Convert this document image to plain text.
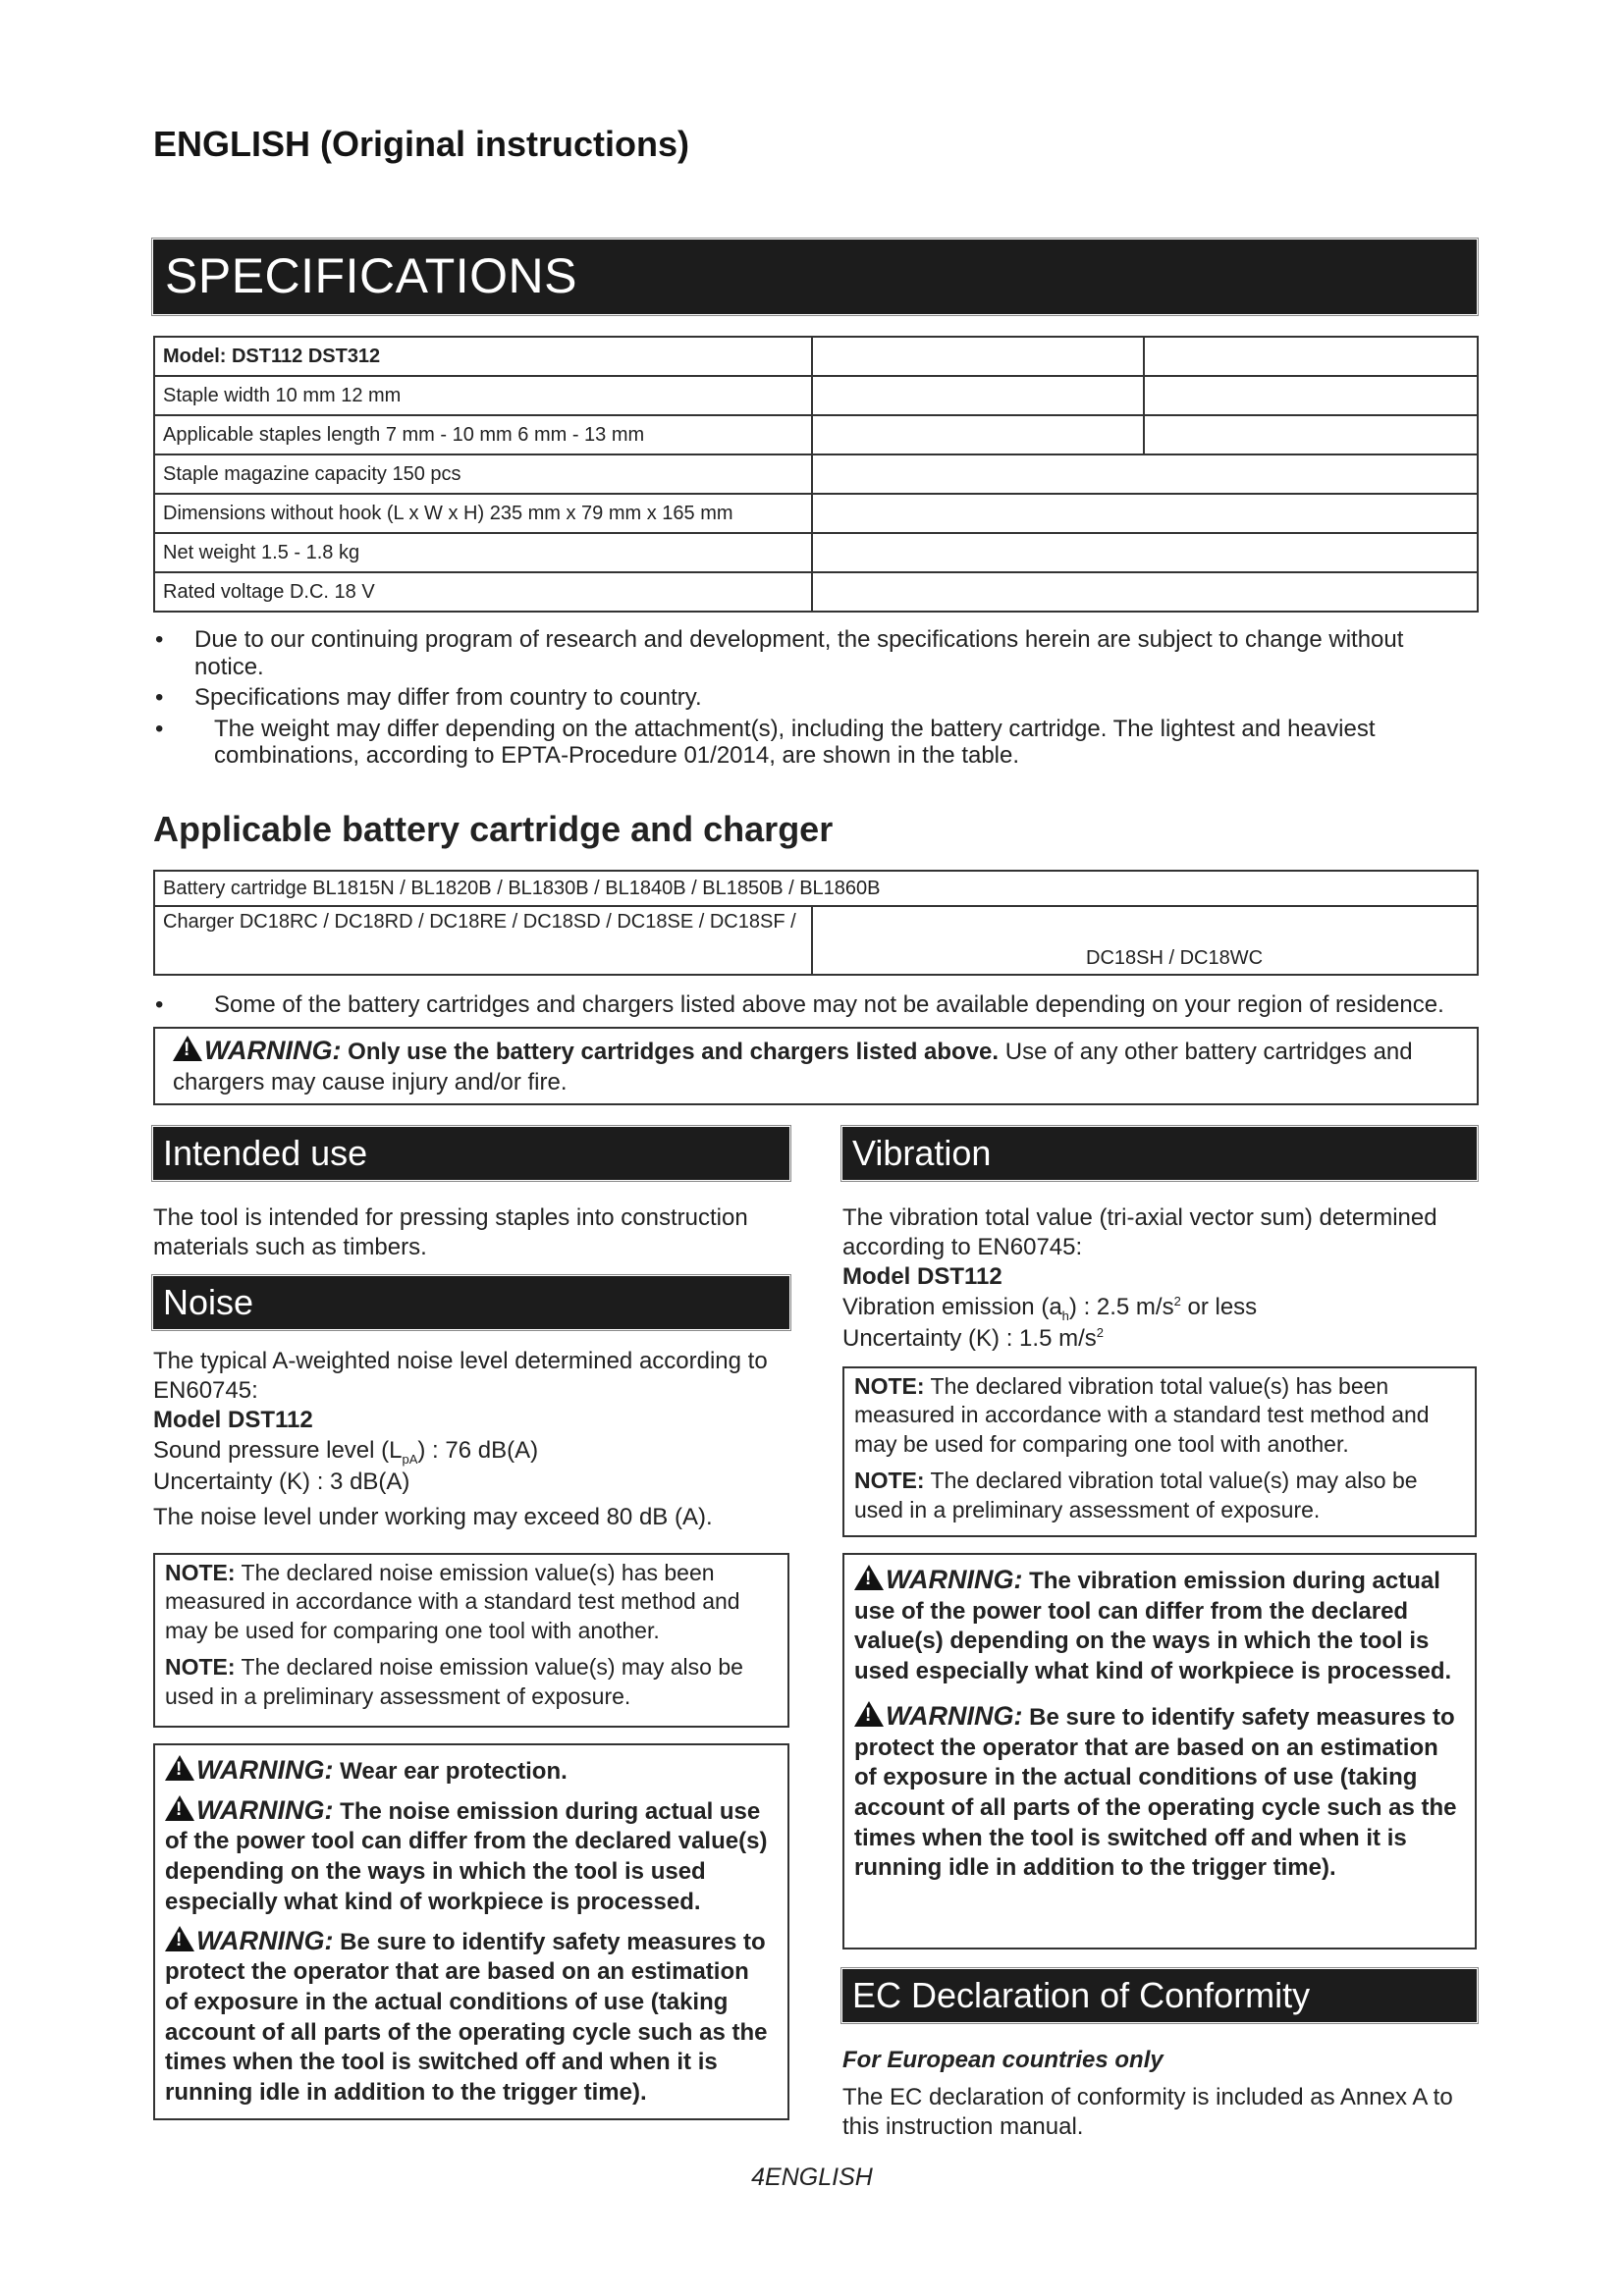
ENGLISH (Original instructions)
SPECIFICATIONS
Model: DST112 DST312		
Staple width 10 mm 12 mm		
Applicable staples length 7 mm - 10 mm 6 mm - 13 mm		
Staple magazine capacity 150 pcs		
Dimensions without hook (L x W x H) 235 mm x 79 mm x 165 mm		
Net weight 1.5 - 1.8 kg		
Rated voltage D.C. 18 V		
• Due to our continuing program of research and development, the specifications herein are subject to change without notice.
• Specifications may differ from country to country.
• The weight may differ depending on the attachment(s), including the battery cartridge. The lightest and heaviest combinations, according to EPTA-Procedure 01/2014, are shown in the table.
Applicable battery cartridge and charger
Battery cartridge BL1815N / BL1820B / BL1830B / BL1840B / BL1850B / BL1860B
Charger DC18RC / DC18RD / DC18RE / DC18SD / DC18SE / DC18SF /	DC18SH / DC18WC
• Some of the battery cartridges and chargers listed above may not be available depending on your region of residence.
!WARNING: Only use the battery cartridges and chargers listed above. Use of any other battery cartridges and chargers may cause injury and/or fire.
Intended use
The tool is intended for pressing staples into construction materials such as timbers.
Noise
The typical A-weighted noise level determined according to EN60745:
Model DST112
Sound pressure level $(L_{pA})$ : 76 dB(A)
Uncertainty (K) : 3 dB(A)
The noise level under working may exceed 80 dB (A).

NOTE: The declared noise emission value(s) has been measured in accordance with a standard test method and may be used for comparing one tool with another.

NOTE: The declared noise emission value(s) may also be used in a preliminary assessment of exposure.

!WARNING: Wear ear protection.

!WARNING: The noise emission during actual use of the power tool can differ from the declared value(s) depending on the ways in which the tool is used especially what kind of workpiece is processed.

!WARNING: Be sure to identify safety measures to protect the operator that are based on an estimation of exposure in the actual conditions of use (taking account of all parts of the operating cycle such as the times when the tool is switched off and when it is running idle in addition to the trigger time).

Vibration
The vibration total value (tri-axial vector sum) determined according to EN60745:
Model DST112
Vibration emission $(a_h)$ : 2.5 $m/s^2$ or less
Uncertainty (K) : 1.5 $m/s^2$

NOTE: The declared vibration total value(s) has been measured in accordance with a standard test method and may be used for comparing one tool with another.

NOTE: The declared vibration total value(s) may also be used in a preliminary assessment of exposure.

!WARNING: The vibration emission during actual use of the power tool can differ from the declared value(s) depending on the ways in which the tool is used especially what kind of workpiece is processed.

!WARNING: Be sure to identify safety measures to protect the operator that are based on an estimation of exposure in the actual conditions of use (taking account of all parts of the operating cycle such as the times when the tool is switched off and when it is running idle in addition to the trigger time).

EC Declaration of Conformity
For European countries only
The EC declaration of conformity is included as Annex A to this instruction manual.
4ENGLISH
